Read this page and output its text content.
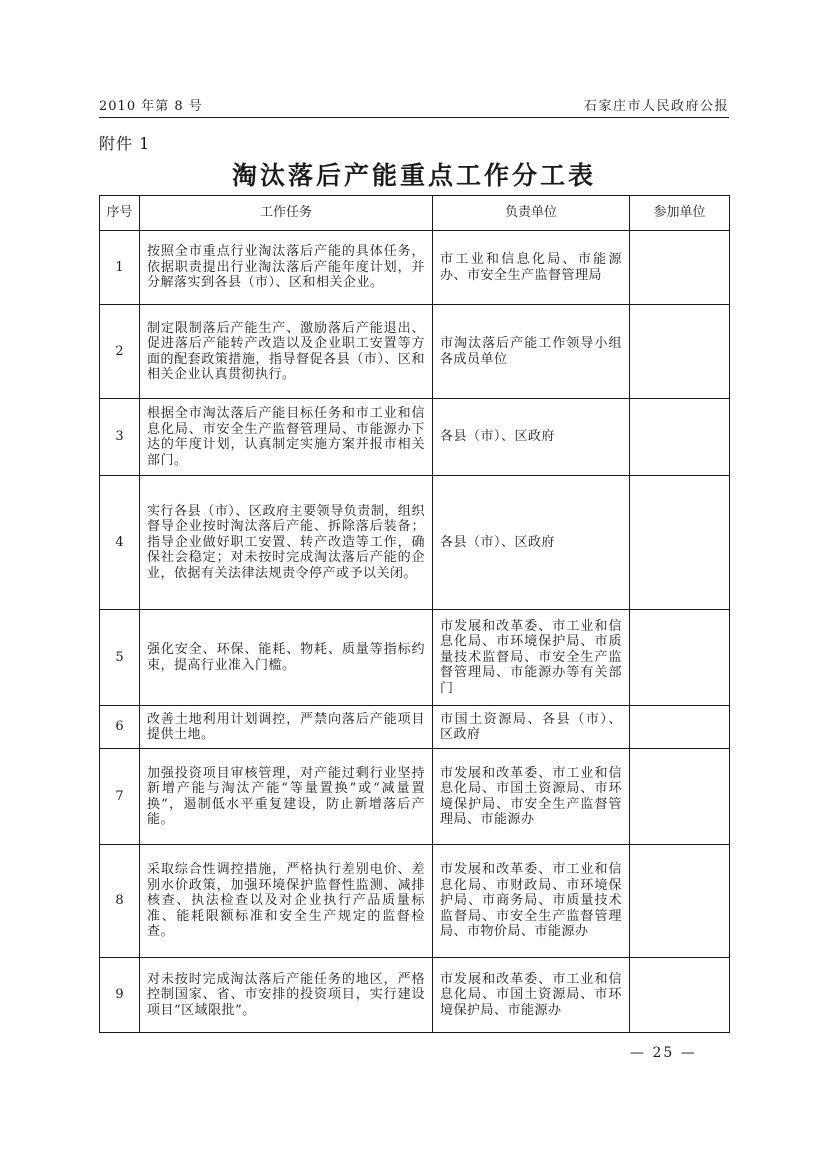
2010 年第 8 号	石家庄市人民政府公报
附件 1
淘汰落后产能重点工作分工表
序号	工作任务	负责单位	参加单位
1	按照全市重点行业淘汰落后产能的具体任务，依据职责提出行业淘汰落后产能年度计划，并分解落实到各县（市）、区和相关企业。	市工业和信息化局、市能源办、市安全生产监督管理局	
2	制定限制落后产能生产、激励落后产能退出、促进落后产能转产改造以及企业职工安置等方面的配套政策措施，指导督促各县（市）、区和相关企业认真贯彻执行。	市淘汰落后产能工作领导小组各成员单位	
3	根据全市淘汰落后产能目标任务和市工业和信息化局、市安全生产监督管理局、市能源办下达的年度计划，认真制定实施方案并报市相关部门。	各县（市）、区政府	
4	实行各县（市）、区政府主要领导负责制，组织督导企业按时淘汰落后产能、拆除落后装备；指导企业做好职工安置、转产改造等工作，确保社会稳定；对未按时完成淘汰落后产能的企业，依据有关法律法规责令停产或予以关闭。	各县（市）、区政府	
5	强化安全、环保、能耗、物耗、质量等指标约束，提高行业准入门槛。	市发展和改革委、市工业和信息化局、市环境保护局、市质量技术监督局、市安全生产监督管理局、市能源办等有关部门	
6	改善土地利用计划调控，严禁向落后产能项目提供土地。	市国土资源局、各县（市）、区政府	
7	加强投资项目审核管理，对产能过剩行业坚持新增产能与淘汰产能“等量置换”或“减量置换”，遏制低水平重复建设，防止新增落后产能。	市发展和改革委、市工业和信息化局、市国土资源局、市环境保护局、市安全生产监督管理局、市能源办	
8	采取综合性调控措施，严格执行差别电价、差别水价政策，加强环境保护监督性监测、减排核查、执法检查以及对企业执行产品质量标准、能耗限额标准和安全生产规定的监督检查。	市发展和改革委、市工业和信息化局、市财政局、市环境保护局、市商务局、市质量技术监督局、市安全生产监督管理局、市物价局、市能源办	
9	对未按时完成淘汰落后产能任务的地区，严格控制国家、省、市安排的投资项目，实行建设项目“区域限批”。	市发展和改革委、市工业和信息化局、市国土资源局、市环境保护局、市能源办	
— 25 —
